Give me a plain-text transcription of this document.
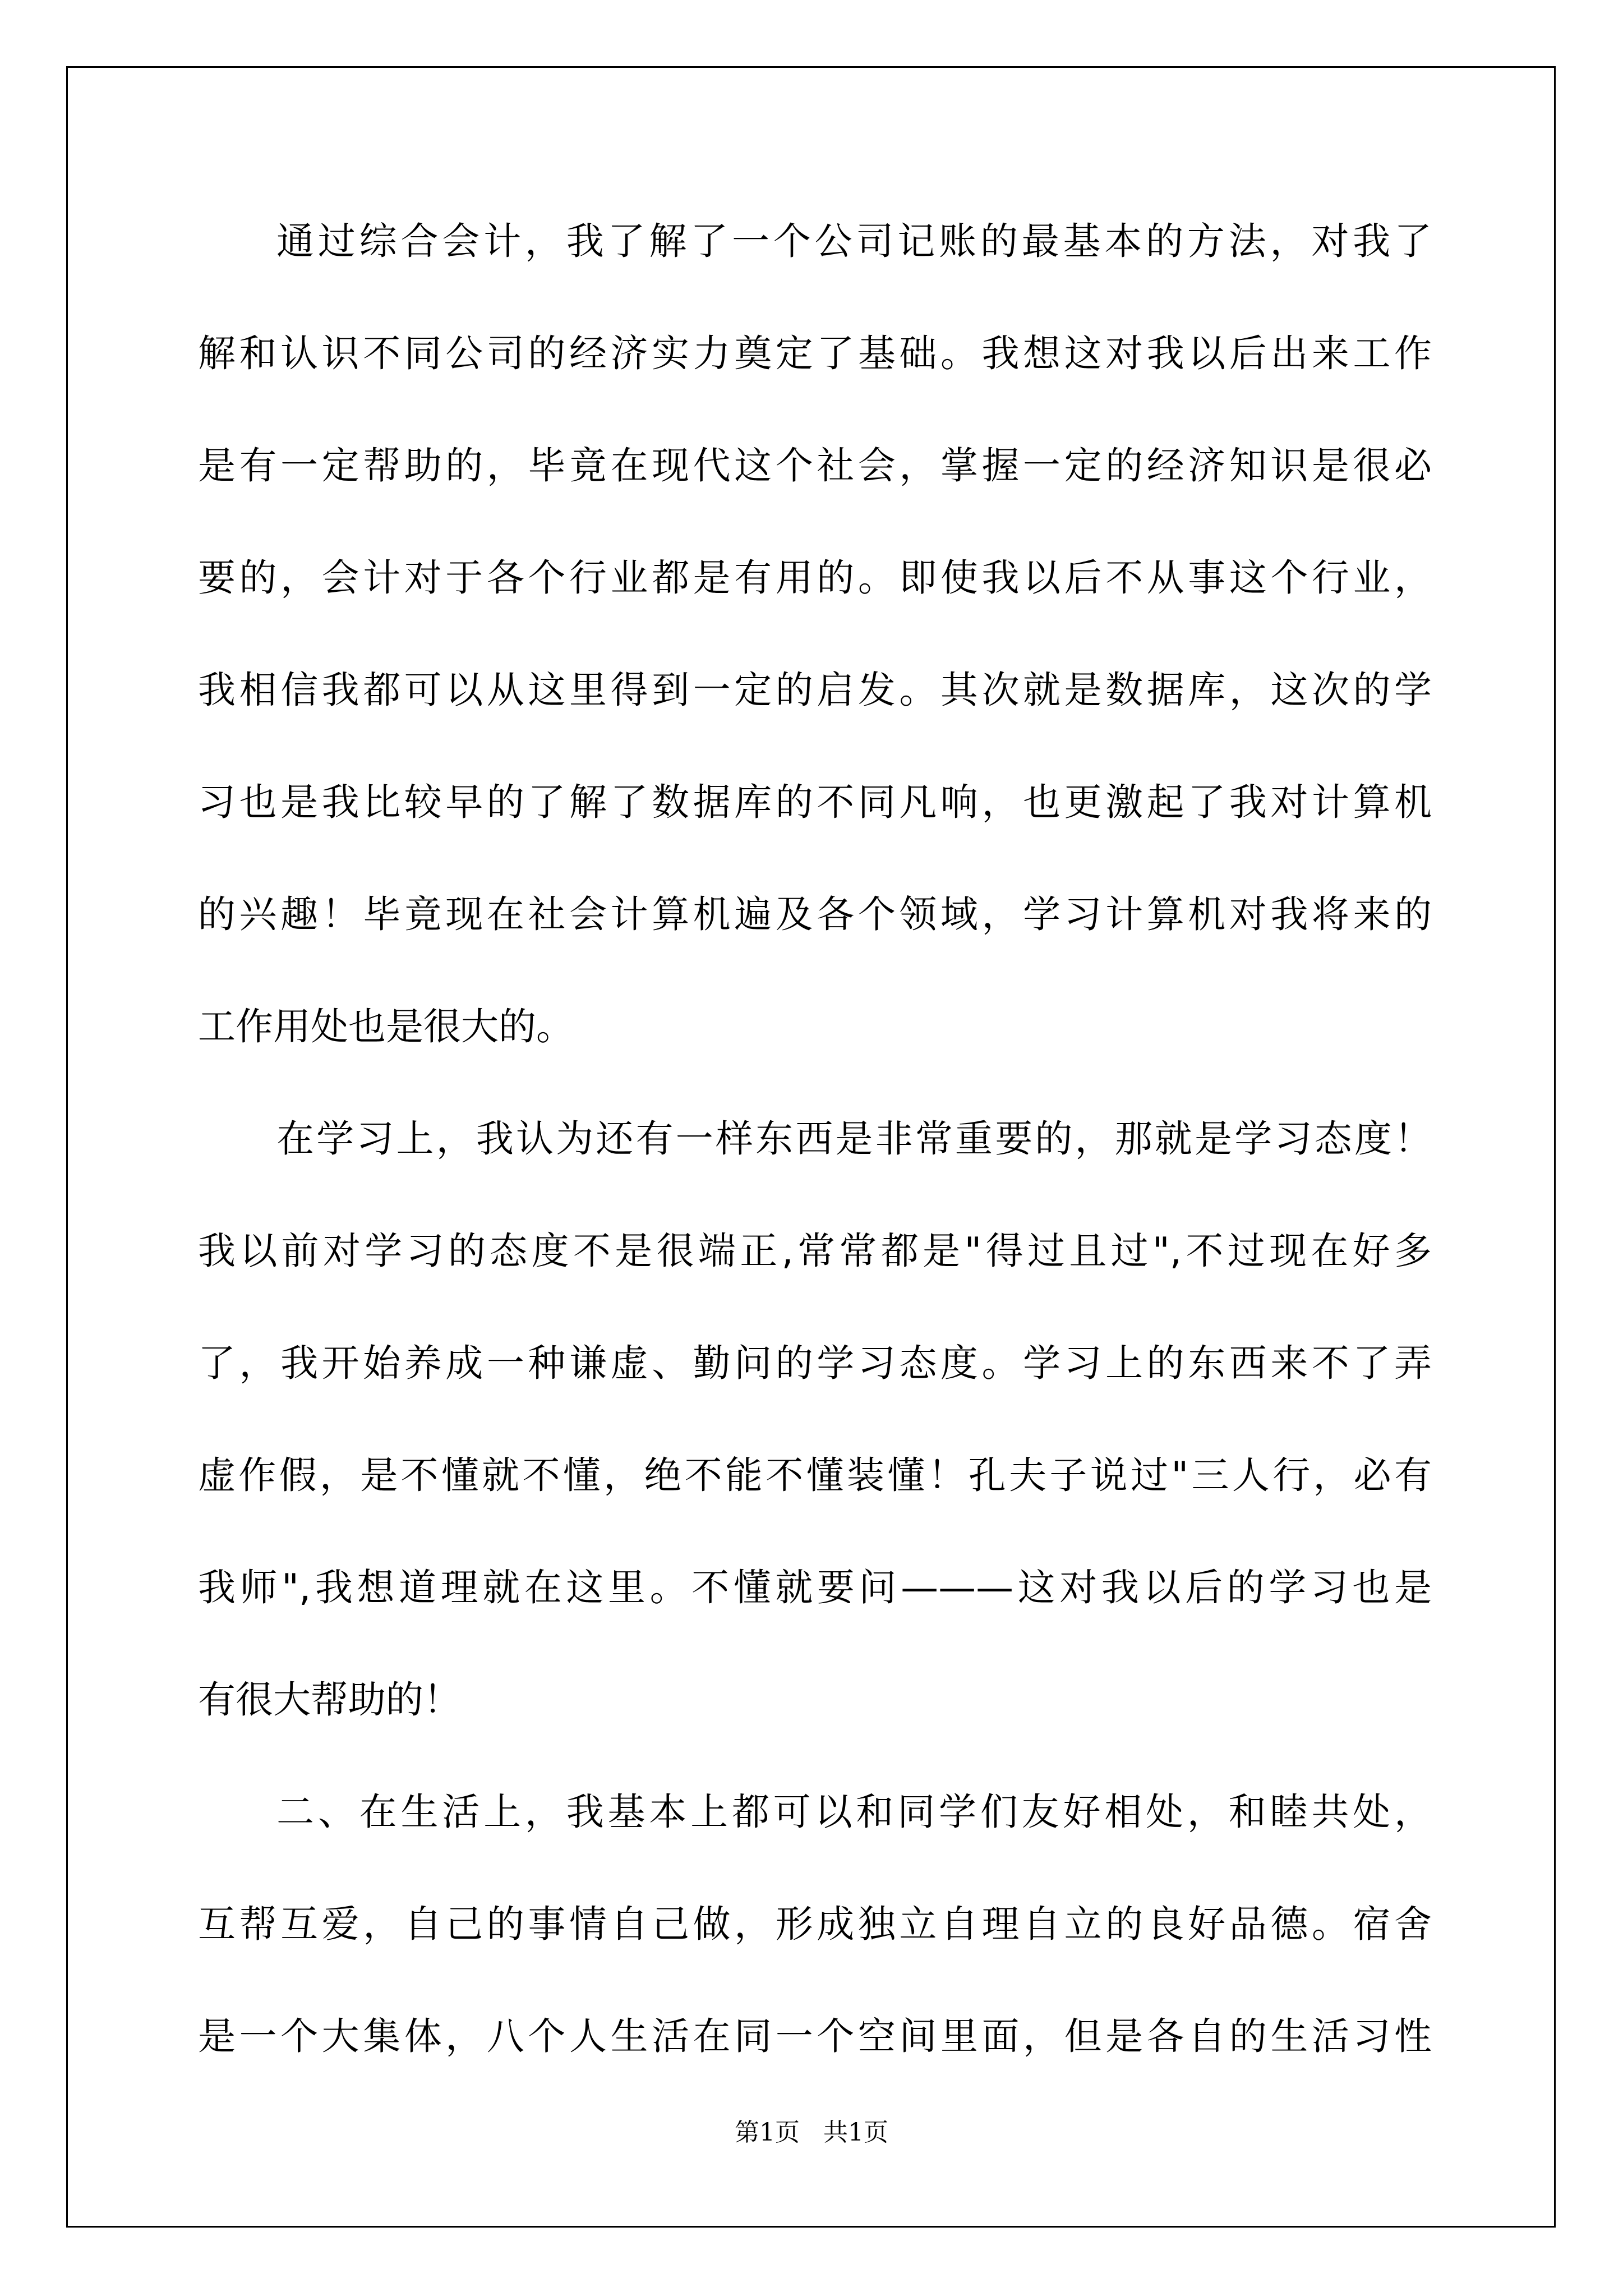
通过综合会计，我了解了一个公司记账的最基本的方法，对我了
解和认识不同公司的经济实力奠定了基础。我想这对我以后出来工作
是有一定帮助的，毕竟在现代这个社会，掌握一定的经济知识是很必
要的，会计对于各个行业都是有用的。即使我以后不从事这个行业，
我相信我都可以从这里得到一定的启发。其次就是数据库，这次的学
习也是我比较早的了解了数据库的不同凡响，也更激起了我对计算机
的兴趣！毕竟现在社会计算机遍及各个领域，学习计算机对我将来的
工作用处也是很大的。
在学习上，我认为还有一样东西是非常重要的，那就是学习态度！
我以前对学习的态度不是很端正,常常都是"得过且过",不过现在好多
了，我开始养成一种谦虚、勤问的学习态度。学习上的东西来不了弄
虚作假，是不懂就不懂，绝不能不懂装懂！孔夫子说过"三人行，必有
我师",我想道理就在这里。不懂就要问———这对我以后的学习也是
有很大帮助的！
二、在生活上，我基本上都可以和同学们友好相处，和睦共处，
互帮互爱，自己的事情自己做，形成独立自理自立的良好品德。宿舍
是一个大集体，八个人生活在同一个空间里面，但是各自的生活习性
第1页   共1页
